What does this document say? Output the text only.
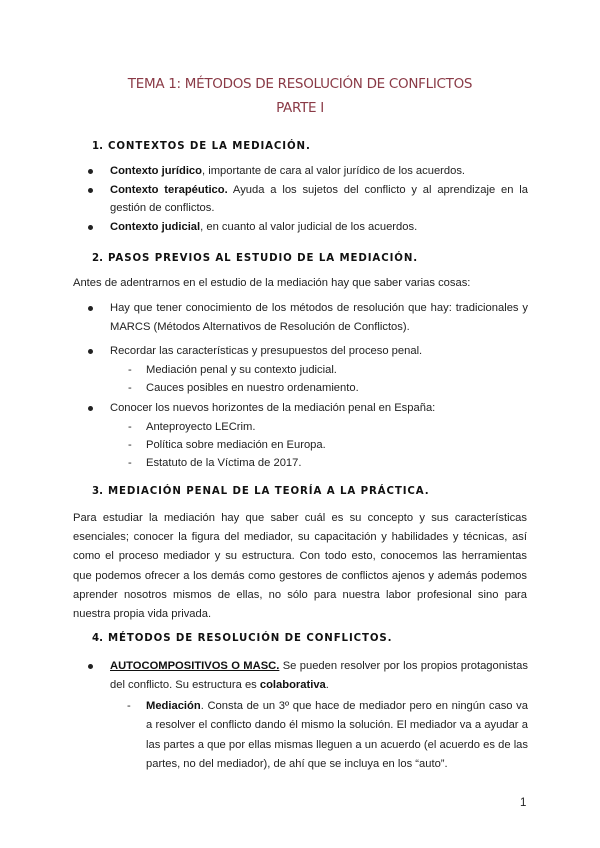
TEMA 1: MÉTODOS DE RESOLUCIÓN DE CONFLICTOS
PARTE I
1. CONTEXTOS DE LA MEDIACIÓN.
Contexto jurídico, importante de cara al valor jurídico de los acuerdos.
Contexto terapéutico. Ayuda a los sujetos del conflicto y al aprendizaje en la gestión de conflictos.
Contexto judicial, en cuanto al valor judicial de los acuerdos.
2. PASOS PREVIOS AL ESTUDIO DE LA MEDIACIÓN.

Antes de adentrarnos en el estudio de la mediación hay que saber varias cosas:

Hay que tener conocimiento de los métodos de resolución que hay: tradicionales y MARCS (Métodos Alternativos de Resolución de Conflictos).
Recordar las características y presupuestos del proceso penal.
- Mediación penal y su contexto judicial.
- Cauces posibles en nuestro ordenamiento.
Conocer los nuevos horizontes de la mediación penal en España:
- Anteproyecto LECrim.
- Política sobre mediación en Europa.
- Estatuto de la Víctima de 2017.
3. MEDIACIÓN PENAL DE LA TEORÍA A LA PRÁCTICA.

Para estudiar la mediación hay que saber cuál es su concepto y sus características esenciales; conocer la figura del mediador, su capacitación y habilidades y técnicas, así como el proceso mediador y su estructura. Con todo esto, conocemos las herramientas que podemos ofrecer a los demás como gestores de conflictos ajenos y además podemos aprender nosotros mismos de ellas, no sólo para nuestra labor profesional sino para nuestra propia vida privada.

4. MÉTODOS DE RESOLUCIÓN DE CONFLICTOS.
AUTOCOMPOSITIVOS O MASC. Se pueden resolver por los propios protagonistas del conflicto. Su estructura es colaborativa.
-	Mediación. Consta de un 3º que hace de mediador pero en ningún caso va a resolver el conflicto dando él mismo la solución. El mediador va a ayudar a las partes a que por ellas mismas lleguen a un acuerdo (el acuerdo es de las partes, no del mediador), de ahí que se incluya en los “auto”.
1
